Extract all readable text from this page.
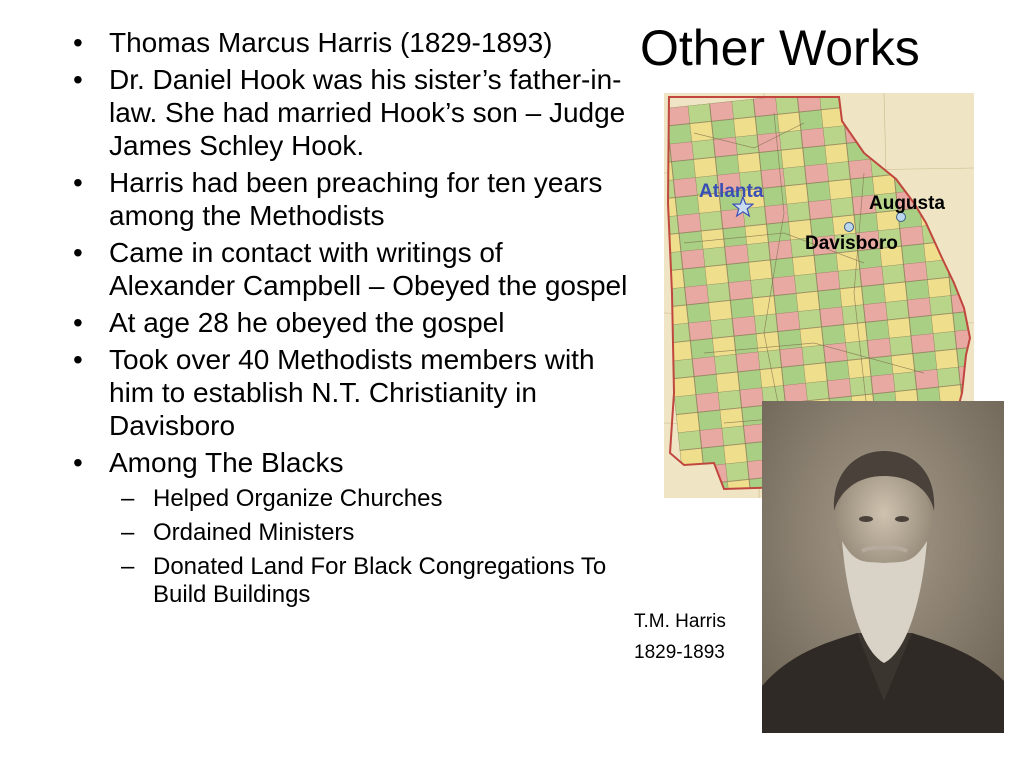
• Thomas Marcus Harris (1829-1893)
• Dr. Daniel Hook was his sister’s father-in-law. She had married Hook’s son – Judge James Schley Hook.
• Harris had been preaching for ten years among the Methodists
• Came in contact with writings of Alexander Campbell – Obeyed the gospel
• At age 28 he obeyed the gospel
• Took over 40 Methodists members with him to establish N.T. Christianity in Davisboro
• Among The Blacks
– Helped Organize Churches
– Ordained Ministers
– Donated Land For Black Congregations To Build Buildings
Other Works
Atlanta
Augusta
Davisboro
T.M. Harris
1829-1893
